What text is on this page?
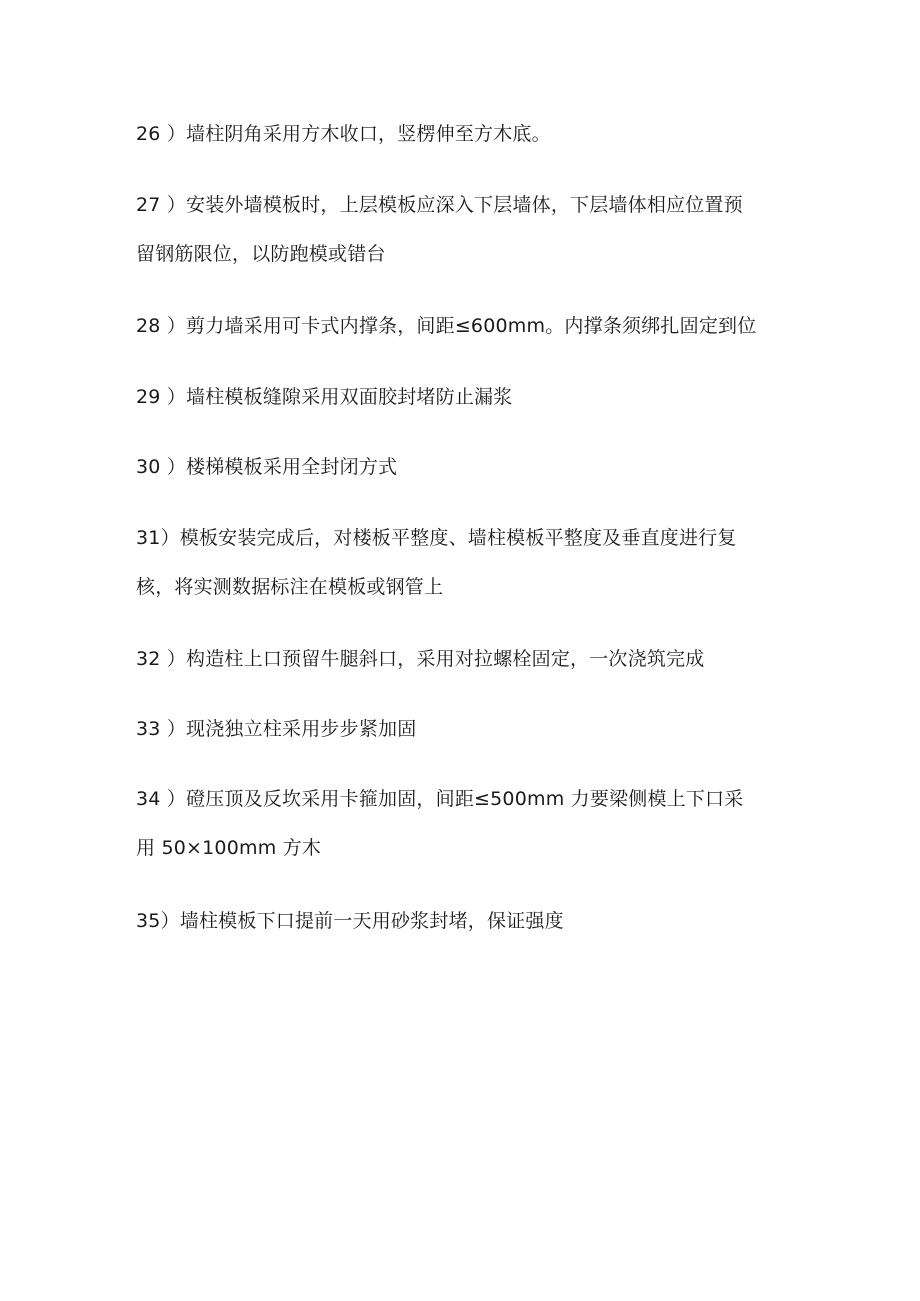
26 ）墙柱阴角采用方木收口，竖楞伸至方木底。

27 ）安装外墙模板时，上层模板应深入下层墙体，下层墙体相应位置预
留钢筋限位，以防跑模或错台

28 ）剪力墙采用可卡式内撑条，间距≤600mm。内撑条须绑扎固定到位

29 ）墙柱模板缝隙采用双面胶封堵防止漏浆

30 ）楼梯模板采用全封闭方式

31）模板安装完成后，对楼板平整度、墙柱模板平整度及垂直度进行复
核，将实测数据标注在模板或钢管上

32 ）构造柱上口预留牛腿斜口，采用对拉螺栓固定，一次浇筑完成

33 ）现浇独立柱采用步步紧加固

34 ）磴压顶及反坎采用卡箍加固，间距≤500mm 力要梁侧模上下口采
用 50×100mm 方木

35）墙柱模板下口提前一天用砂浆封堵，保证强度
